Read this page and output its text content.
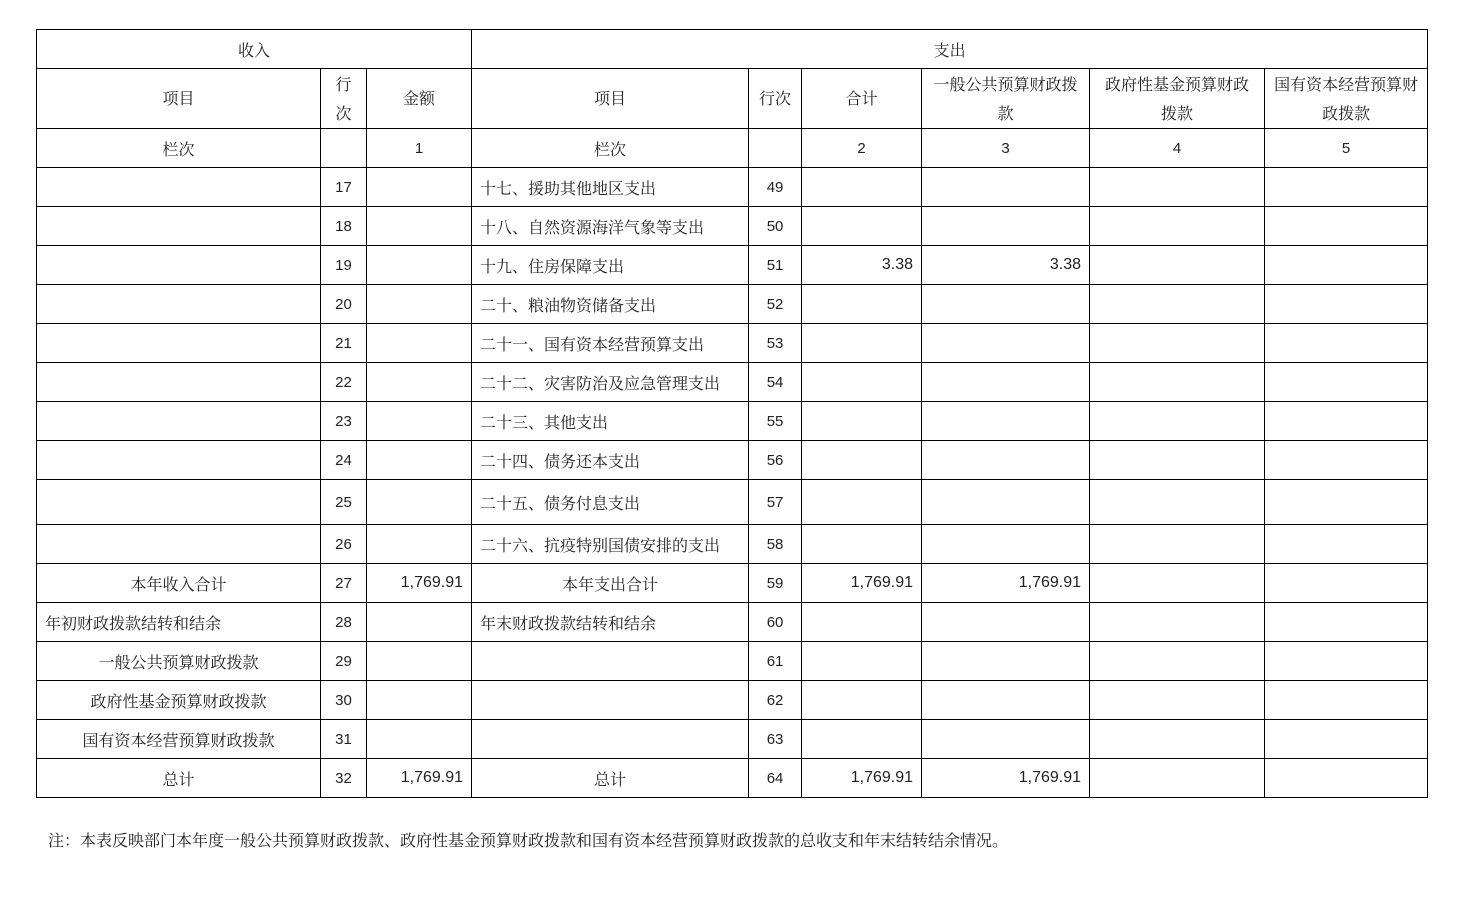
收入			支出					
项目	行次	金额	项目	行次	合计	一般公共预算财政拨款	政府性基金预算财政拨款	国有资本经营预算财政拨款
栏次		1	栏次		2	3	4	5
	17		十七、援助其他地区支出	49				
	18		十八、自然资源海洋气象等支出	50				
	19		十九、住房保障支出	51	3.38	3.38		
	20		二十、粮油物资储备支出	52				
	21		二十一、国有资本经营预算支出	53				
	22		二十二、灾害防治及应急管理支出	54				
	23		二十三、其他支出	55				
	24		二十四、债务还本支出	56				
	25		二十五、债务付息支出	57				
	26		二十六、抗疫特别国债安排的支出	58				
本年收入合计	27	1,769.91	本年支出合计	59	1,769.91	1,769.91		
年初财政拨款结转和结余	28		年末财政拨款结转和结余	60				
一般公共预算财政拨款	29			61				
政府性基金预算财政拨款	30			62				
国有资本经营预算财政拨款	31			63				
总计	32	1,769.91	总计	64	1,769.91	1,769.91		
注：本表反映部门本年度一般公共预算财政拨款、政府性基金预算财政拨款和国有资本经营预算财政拨款的总收支和年末结转结余情况。
